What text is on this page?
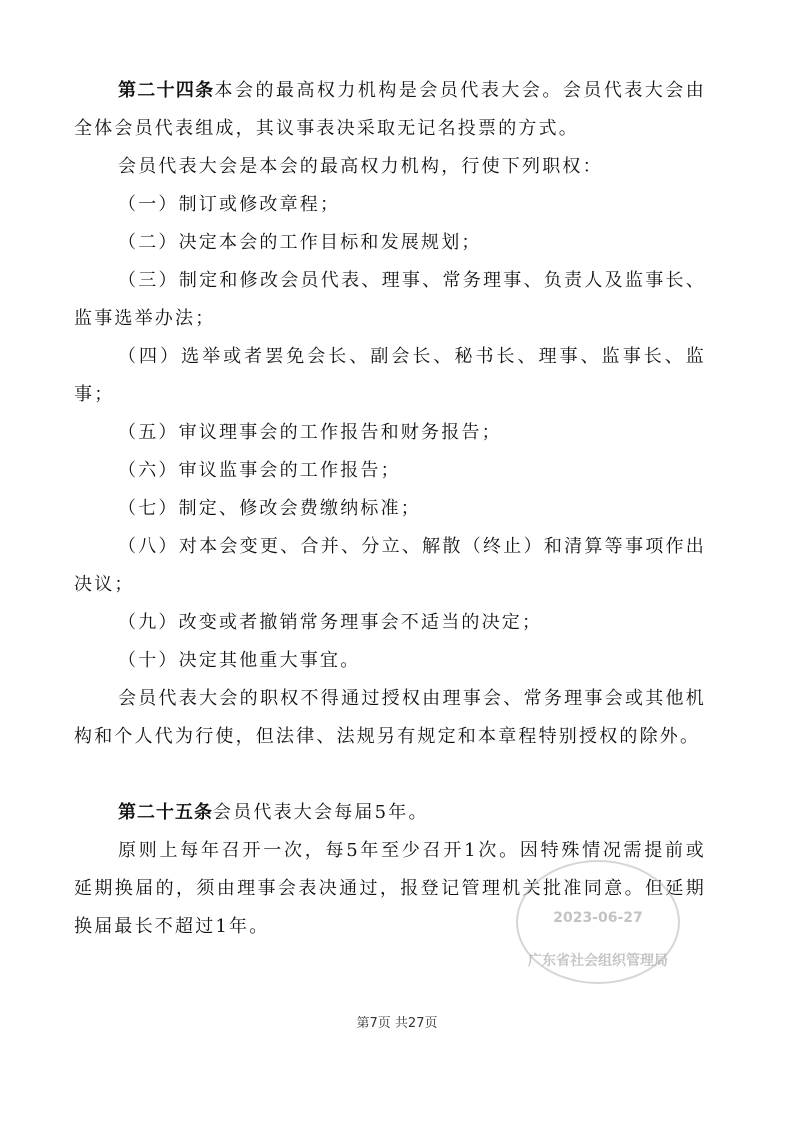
第二十四条本会的最高权力机构是会员代表大会。会员代表大会由全体会员代表组成，其议事表决采取无记名投票的方式。

会员代表大会是本会的最高权力机构，行使下列职权：

（一）制订或修改章程；

（二）决定本会的工作目标和发展规划；

（三）制定和修改会员代表、理事、常务理事、负责人及监事长、监事选举办法；

（四）选举或者罢免会长、副会长、秘书长、理事、监事长、监事；

（五）审议理事会的工作报告和财务报告；

（六）审议监事会的工作报告；

（七）制定、修改会费缴纳标准；

（八）对本会变更、合并、分立、解散（终止）和清算等事项作出决议；

（九）改变或者撤销常务理事会不适当的决定；

（十）决定其他重大事宜。

会员代表大会的职权不得通过授权由理事会、常务理事会或其他机构和个人代为行使，但法律、法规另有规定和本章程特别授权的除外。

第二十五条会员代表大会每届5年。

原则上每年召开一次，每5年至少召开1次。因特殊情况需提前或延期换届的，须由理事会表决通过，报登记管理机关批准同意。但延期换届最长不超过1年。	2023-06-27
广东省社会组织管理局
第7页 共27页
